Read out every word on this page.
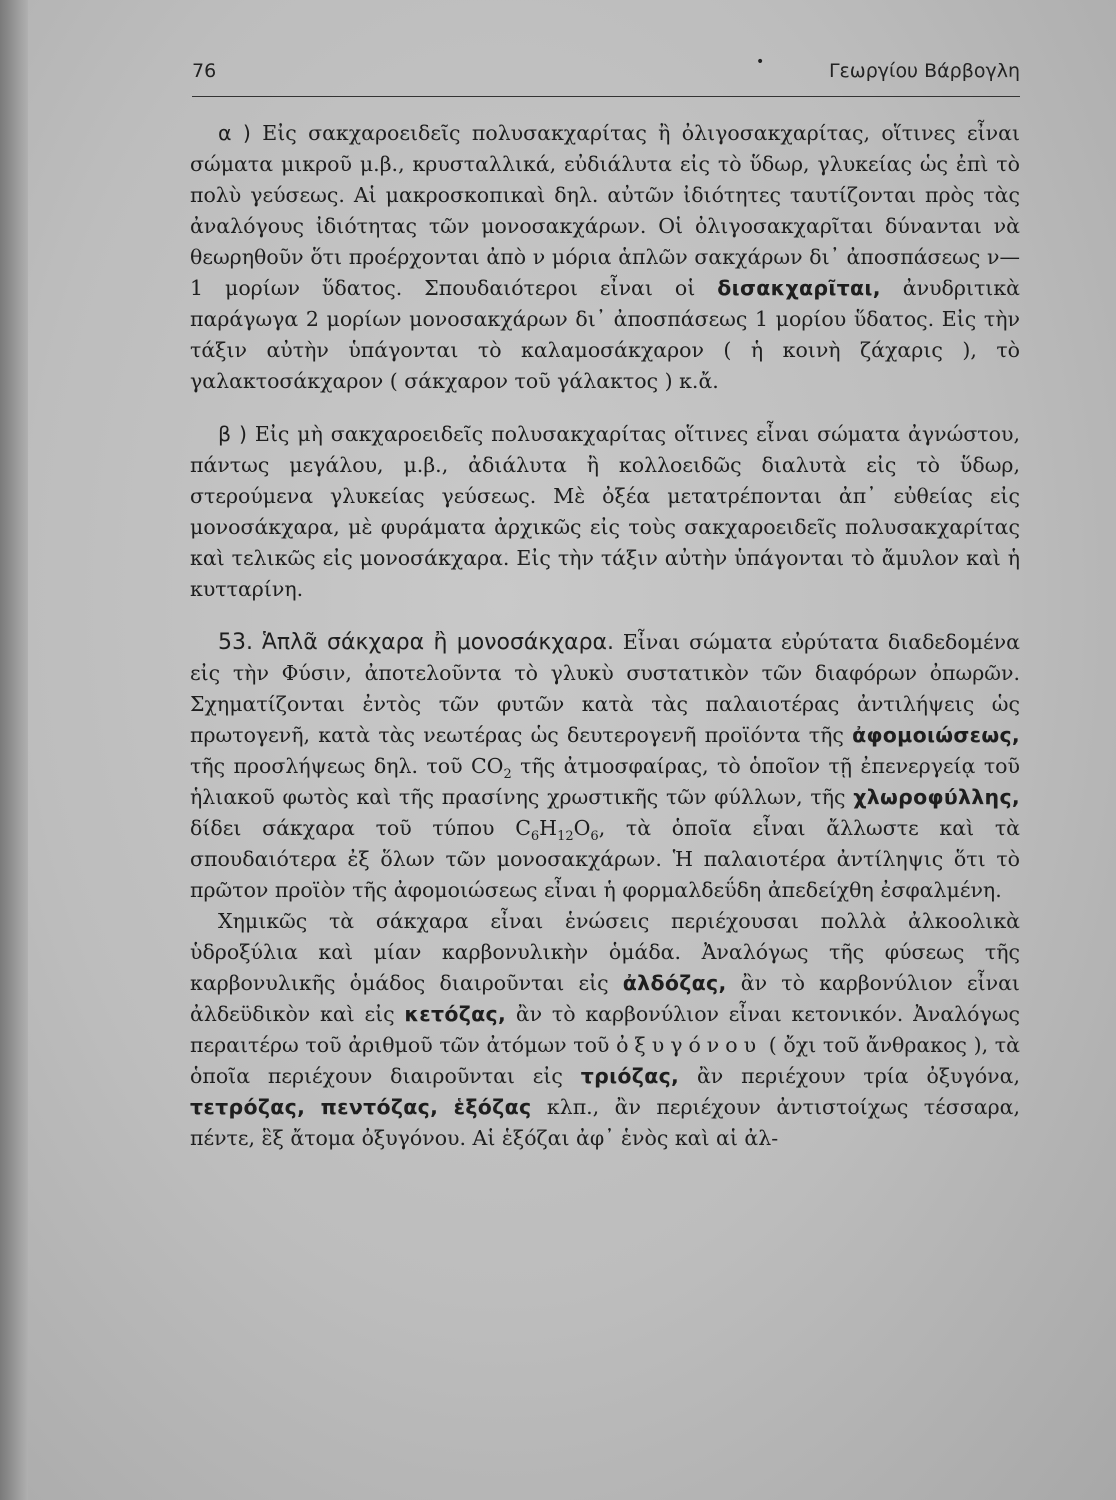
76	•	Γεωργίου Βάρβογλη

α ) Εἰς σακχαροειδεῖς πολυσακχαρίτας ἢ ὀλιγοσακχαρίτας, οἵτινες εἶναι σώματα μικροῦ μ.β., κρυσταλλικά, εὐδιάλυτα εἰς τὸ ὕδωρ, γλυκείας ὡς ἐπὶ τὸ πολὺ γεύσεως. Αἱ μακροσκοπικαὶ δηλ. αὐτῶν ἰδιότητες ταυτίζονται πρὸς τὰς ἀναλόγους ἰδιότητας τῶν μονοσακχάρων. Οἱ ὀλιγοσακχαρῖται δύνανται νὰ θεωρηθοῦν ὅτι προέρχονται ἀπὸ ν μόρια ἁπλῶν σακχάρων δι᾽ ἀποσπάσεως ν—1 μορίων ὕδατος. Σπουδαιότεροι εἶναι οἱ δισακχαρῖται, ἀνυδριτικὰ παράγωγα 2 μορίων μονοσακχάρων δι᾽ ἀποσπάσεως 1 μορίου ὕδατος. Εἰς τὴν τάξιν αὐτὴν ὑπάγονται τὸ καλαμοσάκχαρον ( ἡ κοινὴ ζάχαρις ), τὸ γαλακτοσάκχαρον ( σάκχαρον τοῦ γάλακτος ) κ.ἄ.

β ) Εἰς μὴ σακχαροειδεῖς πολυσακχαρίτας οἵτινες εἶναι σώματα ἀγνώστου, πάντως μεγάλου, μ.β., ἀδιάλυτα ἢ κολλοειδῶς διαλυτὰ εἰς τὸ ὕδωρ, στερούμενα γλυκείας γεύσεως. Μὲ ὀξέα μετατρέπονται ἀπ᾽ εὐθείας εἰς μονοσάκχαρα, μὲ φυράματα ἀρχικῶς εἰς τοὺς σακχαροειδεῖς πολυσακχαρίτας καὶ τελικῶς εἰς μονοσάκχαρα. Εἰς τὴν τάξιν αὐτὴν ὑπάγονται τὸ ἄμυλον καὶ ἡ κυτταρίνη.

53. Ἁπλᾶ σάκχαρα ἢ μονοσάκχαρα. Εἶναι σώματα εὐρύτατα διαδεδομένα εἰς τὴν Φύσιν, ἀποτελοῦντα τὸ γλυκὺ συστατικὸν τῶν διαφόρων ὀπωρῶν. Σχηματίζονται ἐντὸς τῶν φυτῶν κατὰ τὰς παλαιοτέρας ἀντιλήψεις ὡς πρωτογενῆ, κατὰ τὰς νεωτέρας ὡς δευτερογενῆ προϊόντα τῆς ἀφομοιώσεως, τῆς προσλήψεως δηλ. τοῦ $CO_2$ τῆς ἀτμοσφαίρας, τὸ ὁποῖον τῇ ἐπενεργείᾳ τοῦ ἡλιακοῦ φωτὸς καὶ τῆς πρασίνης χρωστικῆς τῶν φύλλων, τῆς χλωροφύλλης, δίδει σάκχαρα τοῦ τύπου $C_6H_{12}O_6$, τὰ ὁποῖα εἶναι ἄλλωστε καὶ τὰ σπουδαιότερα ἐξ ὅλων τῶν μονοσακχάρων. Ἡ παλαιοτέρα ἀντίληψις ὅτι τὸ πρῶτον προϊὸν τῆς ἀφομοιώσεως εἶναι ἡ φορμαλδεΰδη ἀπεδείχθη ἐσφαλμένη.

Χημικῶς τὰ σάκχαρα εἶναι ἑνώσεις περιέχουσαι πολλὰ ἀλκοολικὰ ὑδροξύλια καὶ μίαν καρβονυλικὴν ὁμάδα. Ἀναλόγως τῆς φύσεως τῆς καρβονυλικῆς ὁμάδος διαιροῦνται εἰς ἀλδόζας, ἂν τὸ καρβονύλιον εἶναι ἀλδεϋδικὸν καὶ εἰς κετόζας, ἂν τὸ καρβονύλιον εἶναι κετονικόν. Ἀναλόγως περαιτέρω τοῦ ἀριθμοῦ τῶν ἀτόμων τοῦ ὀξυγόνου ( ὄχι τοῦ ἄνθρακος ), τὰ ὁποῖα περιέχουν διαιροῦνται εἰς τριόζας, ἂν περιέχουν τρία ὀξυγόνα, τετρόζας, πεντόζας, ἑξόζας κλπ., ἂν περιέχουν ἀντιστοίχως τέσσαρα, πέντε, ἓξ ἄτομα ὀξυγόνου. Αἱ ἑξόζαι ἀφ᾽ ἑνὸς καὶ αἱ ἀλ-
